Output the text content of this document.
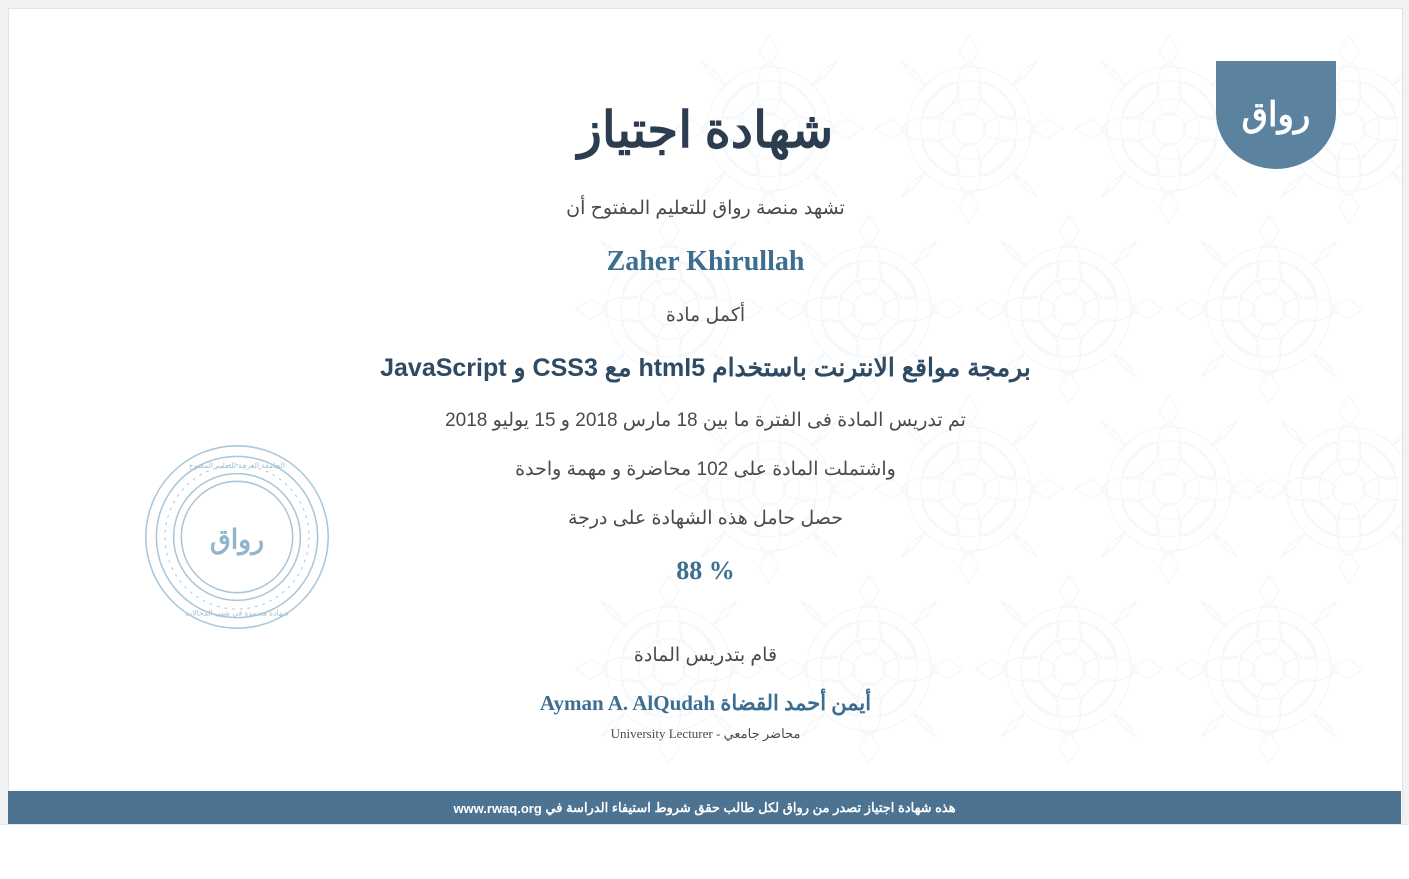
رواق
رواق
الجامعة العربية للتعليم المفتوح
شهادة معتمدة في شتى المجالات
شهادة اجتياز

تشهد منصة رواق للتعليم المفتوح أن

Zaher Khirullah

أكمل مادة

برمجة مواقع الانترنت باستخدام html5 مع CSS3 و JavaScript

تم تدريس المادة فى الفترة ما بين 18 مارس 2018 و 15 يوليو 2018

واشتملت المادة على 102 محاضرة و مهمة واحدة

حصل حامل هذه الشهادة على درجة

88 %

قام بتدريس المادة

أيمن أحمد القضاة Ayman A. AlQudah

محاضر جامعي - University Lecturer

هذه شهادة اجتياز تصدر من رواق لكل طالب حقق شروط استيفاء الدراسة في

www.rwaq.org
